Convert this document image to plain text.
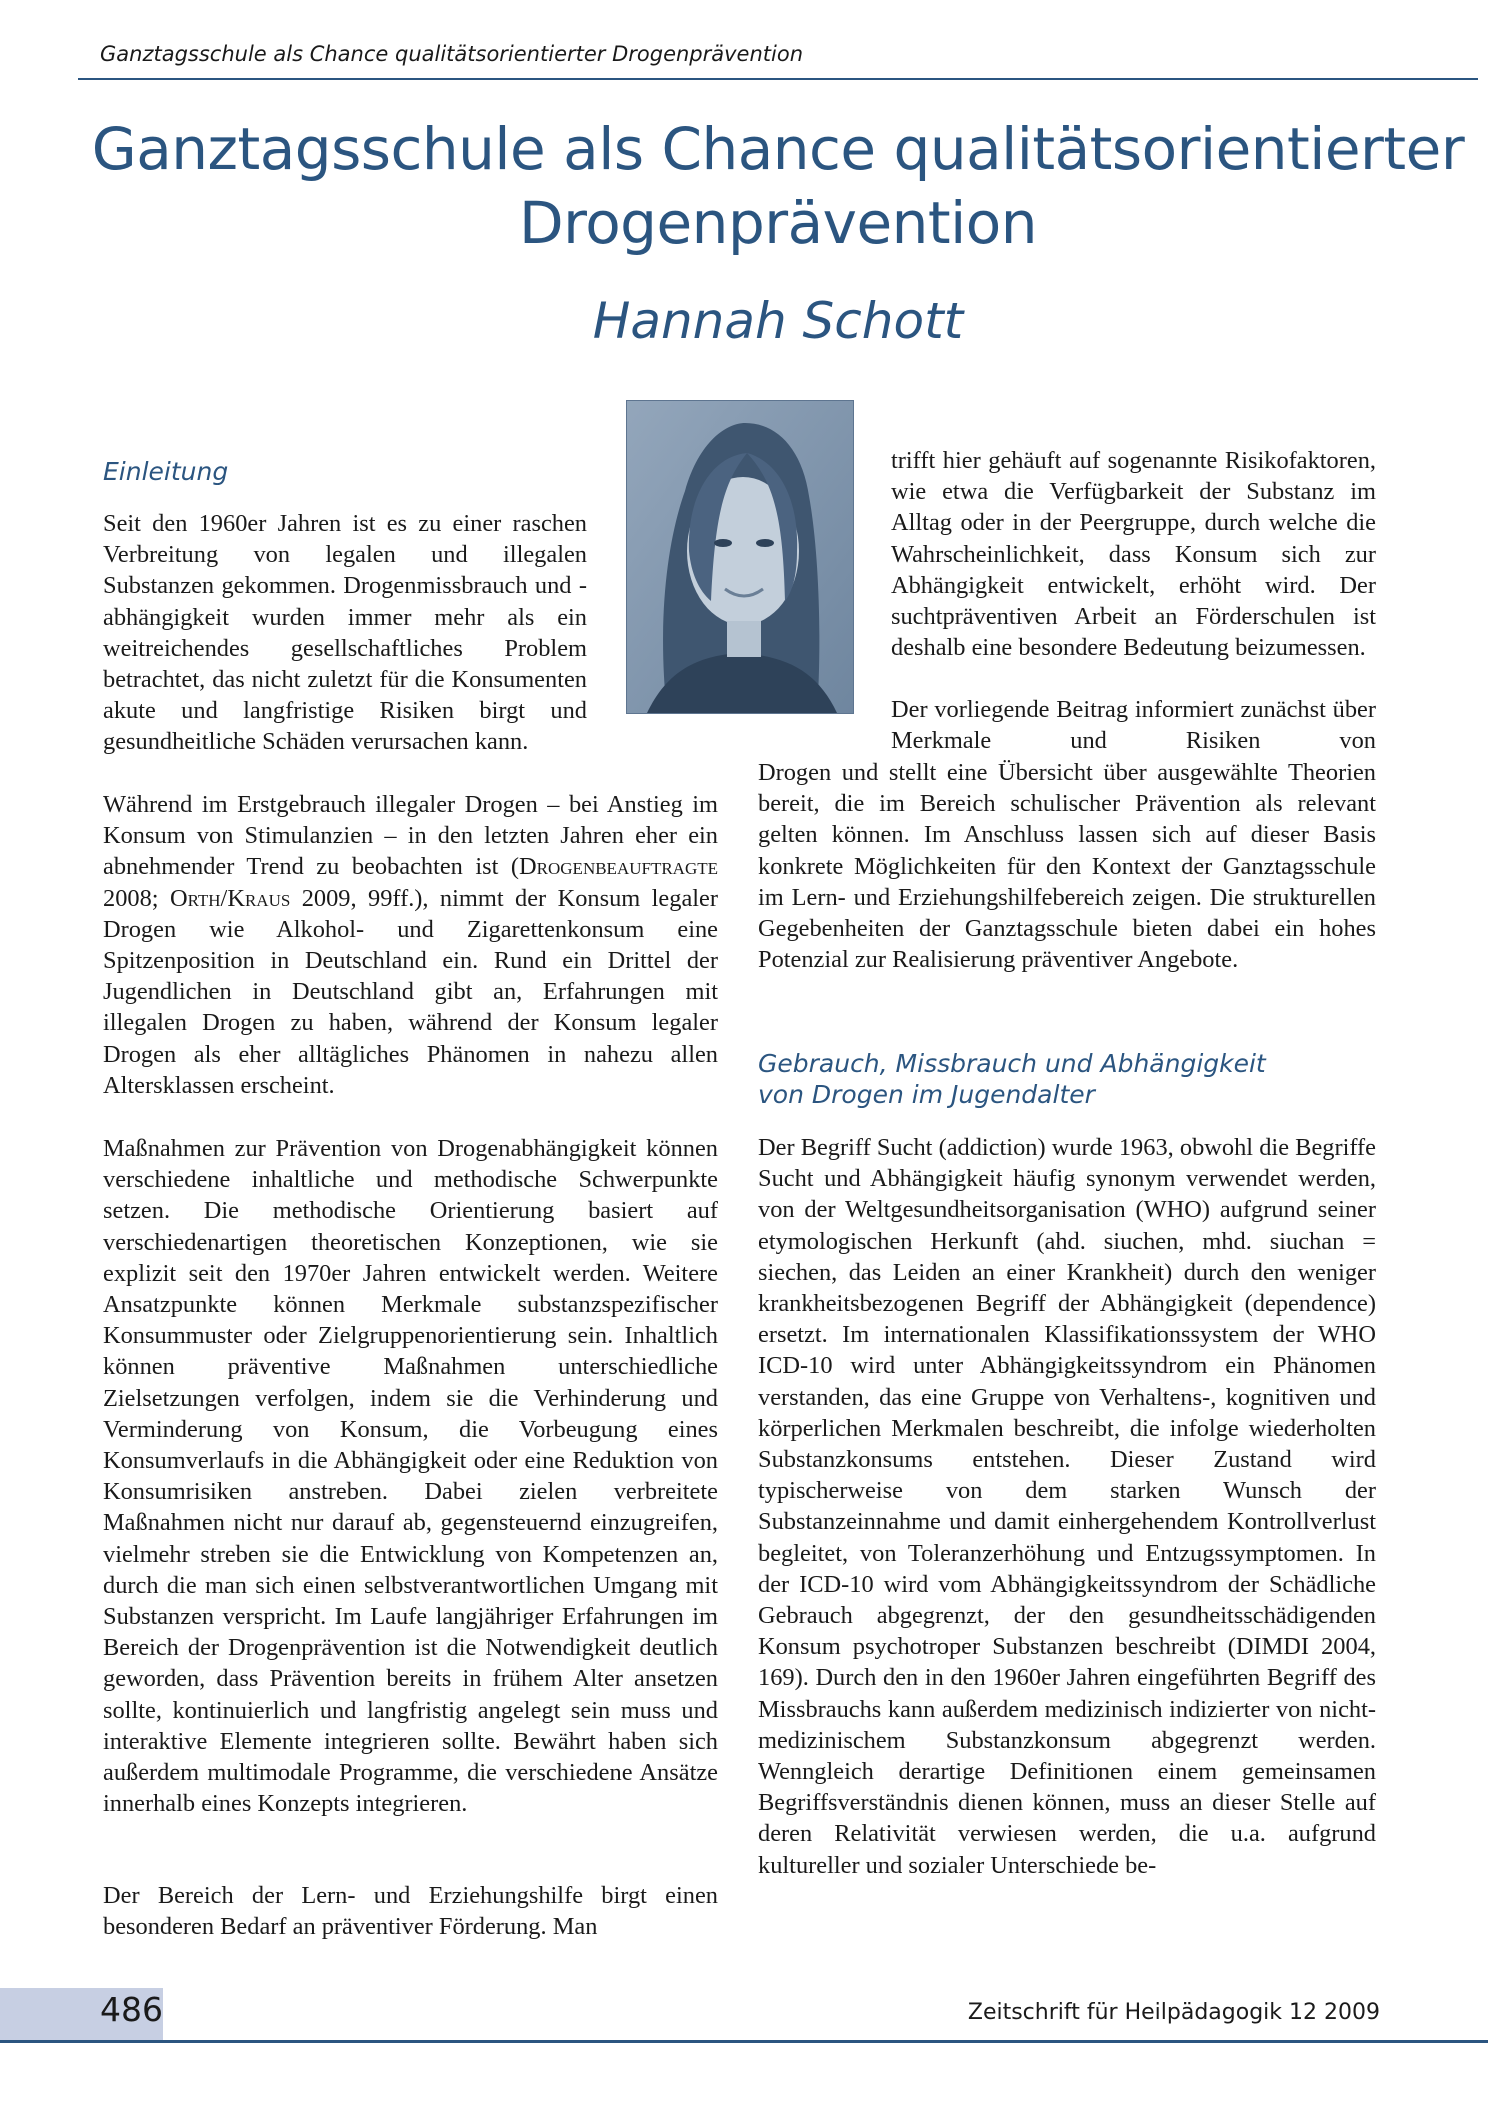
Ganztagsschule als Chance qualitätsorientierter Drogenprävention
Ganztagsschule als Chance qualitätsorientierter
Drogenprävention
Hannah Schott
Einleitung

Seit den 1960er Jahren ist es zu einer raschen Verbreitung von legalen und illegalen Substanzen gekommen. Drogenmissbrauch und -abhängigkeit wurden immer mehr als ein weitreichendes gesellschaftliches Problem betrachtet, das nicht zuletzt für die Konsumenten akute und langfristige Risiken birgt und gesundheitliche Schäden verursachen kann.

Während im Erstgebrauch illegaler Drogen – bei Anstieg im Konsum von Stimulanzien – in den letzten Jahren eher ein abnehmender Trend zu beobachten ist (Drogenbeauftragte 2008; Orth/Kraus 2009, 99ff.), nimmt der Konsum legaler Drogen wie Alkohol- und Zigarettenkonsum eine Spitzenposition in Deutschland ein. Rund ein Drittel der Jugendlichen in Deutschland gibt an, Erfahrungen mit illegalen Drogen zu haben, während der Konsum legaler Drogen als eher alltägliches Phänomen in nahezu allen Altersklassen erscheint.

Maßnahmen zur Prävention von Drogenabhängigkeit können verschiedene inhaltliche und methodische Schwerpunkte setzen. Die methodische Orientierung basiert auf verschiedenartigen theoretischen Konzeptionen, wie sie explizit seit den 1970er Jahren entwickelt werden. Weitere Ansatzpunkte können Merkmale substanzspezifischer Konsummuster oder Zielgruppenorientierung sein. Inhaltlich können präventive Maßnahmen unterschiedliche Zielsetzungen verfolgen, indem sie die Verhinderung und Verminderung von Konsum, die Vorbeugung eines Konsumverlaufs in die Abhängigkeit oder eine Reduktion von Konsumrisiken anstreben. Dabei zielen verbreitete Maßnahmen nicht nur darauf ab, gegensteuernd einzugreifen, vielmehr streben sie die Entwicklung von Kompetenzen an, durch die man sich einen selbstverantwortlichen Umgang mit Substanzen verspricht. Im Laufe langjähriger Erfahrungen im Bereich der Drogenprävention ist die Notwendigkeit deutlich geworden, dass Prävention bereits in frühem Alter ansetzen sollte, kontinuierlich und langfristig angelegt sein muss und interaktive Elemente integrieren sollte. Bewährt haben sich außerdem multimodale Programme, die verschiedene Ansätze innerhalb eines Konzepts integrieren.

Der Bereich der Lern- und Erziehungshilfe birgt einen besonderen Bedarf an präventiver Förderung. Man

trifft hier gehäuft auf sogenannte Risikofaktoren, wie etwa die Verfügbarkeit der Substanz im Alltag oder in der Peergruppe, durch welche die Wahrscheinlichkeit, dass Konsum sich zur Abhängigkeit entwickelt, erhöht wird. Der suchtpräventiven Arbeit an Förderschulen ist deshalb eine besondere Bedeutung beizumessen.

Der vorliegende Beitrag informiert zunächst über Merkmale und Risiken von

Drogen und stellt eine Übersicht über ausgewählte Theorien bereit, die im Bereich schulischer Prävention als relevant gelten können. Im Anschluss lassen sich auf dieser Basis konkrete Möglichkeiten für den Kontext der Ganztagsschule im Lern- und Erziehungshilfebereich zeigen. Die strukturellen Gegebenheiten der Ganztagsschule bieten dabei ein hohes Potenzial zur Realisierung präventiver Angebote.

Gebrauch, Missbrauch und Abhängigkeit von Drogen im Jugendalter

Der Begriff Sucht (addiction) wurde 1963, obwohl die Begriffe Sucht und Abhängigkeit häufig synonym verwendet werden, von der Weltgesundheitsorganisation (WHO) aufgrund seiner etymologischen Herkunft (ahd. siuchen, mhd. siuchan = siechen, das Leiden an einer Krankheit) durch den weniger krankheitsbezogenen Begriff der Abhängigkeit (dependence) ersetzt. Im internationalen Klassifikationssystem der WHO ICD-10 wird unter Abhängigkeitssyndrom ein Phänomen verstanden, das eine Gruppe von Verhaltens-, kognitiven und körperlichen Merkmalen beschreibt, die infolge wiederholten Substanzkonsums entstehen. Dieser Zustand wird typischerweise von dem starken Wunsch der Substanzeinnahme und damit einhergehendem Kontrollverlust begleitet, von Toleranzerhöhung und Entzugssymptomen. In der ICD-10 wird vom Abhängigkeitssyndrom der Schädliche Gebrauch abgegrenzt, der den gesundheitsschädigenden Konsum psychotroper Substanzen beschreibt (DIMDI 2004, 169). Durch den in den 1960er Jahren eingeführten Begriff des Missbrauchs kann außerdem medizinisch indizierter von nicht-medizinischem Substanzkonsum abgegrenzt werden. Wenngleich derartige Definitionen einem gemeinsamen Begriffsverständnis dienen können, muss an dieser Stelle auf deren Relativität verwiesen werden, die u.a. aufgrund kultureller und sozialer Unterschiede be-

486	Zeitschrift für Heilpädagogik 12 2009
